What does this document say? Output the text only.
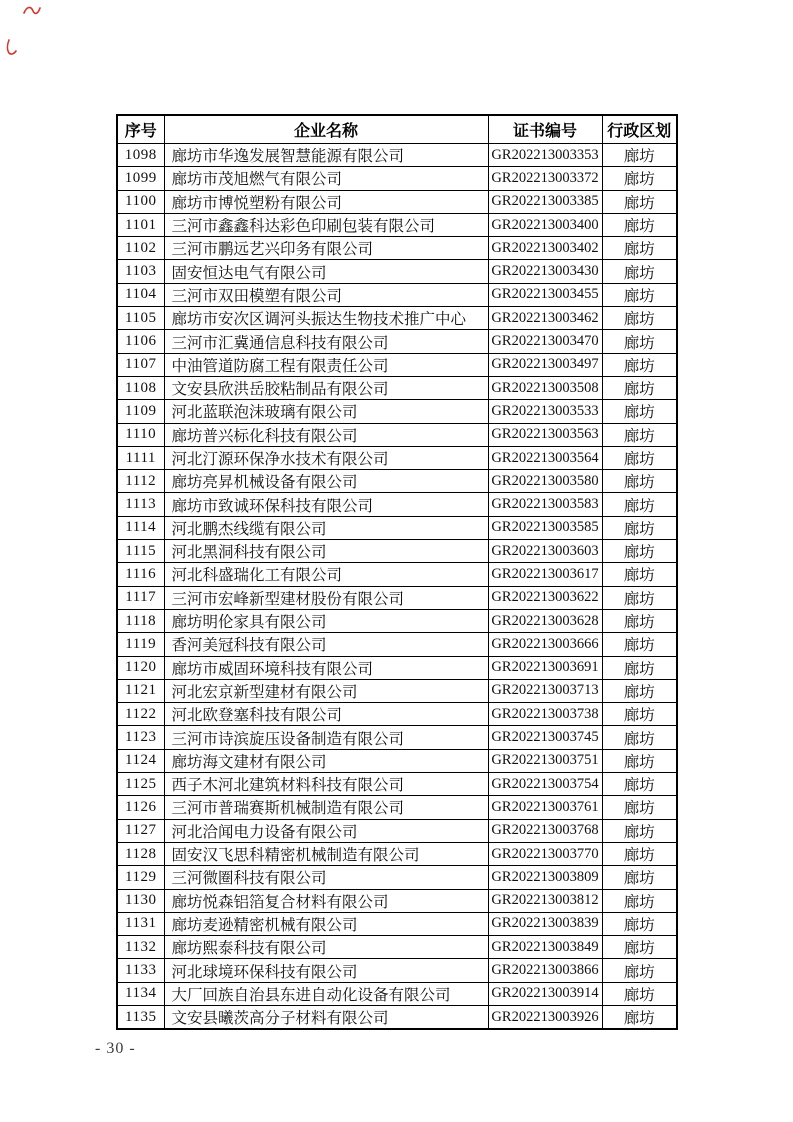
序号	企业名称	证书编号	行政区划
1098	廊坊市华逸发展智慧能源有限公司	GR202213003353	廊坊
1099	廊坊市茂旭燃气有限公司	GR202213003372	廊坊
1100	廊坊市博悦塑粉有限公司	GR202213003385	廊坊
1101	三河市鑫鑫科达彩色印刷包装有限公司	GR202213003400	廊坊
1102	三河市鹏远艺兴印务有限公司	GR202213003402	廊坊
1103	固安恒达电气有限公司	GR202213003430	廊坊
1104	三河市双田模塑有限公司	GR202213003455	廊坊
1105	廊坊市安次区调河头振达生物技术推广中心	GR202213003462	廊坊
1106	三河市汇冀通信息科技有限公司	GR202213003470	廊坊
1107	中油管道防腐工程有限责任公司	GR202213003497	廊坊
1108	文安县欣洪岳胶粘制品有限公司	GR202213003508	廊坊
1109	河北蓝联泡沫玻璃有限公司	GR202213003533	廊坊
1110	廊坊普兴标化科技有限公司	GR202213003563	廊坊
1111	河北汀源环保净水技术有限公司	GR202213003564	廊坊
1112	廊坊亮昇机械设备有限公司	GR202213003580	廊坊
1113	廊坊市致诚环保科技有限公司	GR202213003583	廊坊
1114	河北鹏杰线缆有限公司	GR202213003585	廊坊
1115	河北黑洞科技有限公司	GR202213003603	廊坊
1116	河北科盛瑞化工有限公司	GR202213003617	廊坊
1117	三河市宏峰新型建材股份有限公司	GR202213003622	廊坊
1118	廊坊明伦家具有限公司	GR202213003628	廊坊
1119	香河美冠科技有限公司	GR202213003666	廊坊
1120	廊坊市威固环境科技有限公司	GR202213003691	廊坊
1121	河北宏京新型建材有限公司	GR202213003713	廊坊
1122	河北欧登塞科技有限公司	GR202213003738	廊坊
1123	三河市诗滨旋压设备制造有限公司	GR202213003745	廊坊
1124	廊坊海文建材有限公司	GR202213003751	廊坊
1125	西子木河北建筑材料科技有限公司	GR202213003754	廊坊
1126	三河市普瑞赛斯机械制造有限公司	GR202213003761	廊坊
1127	河北洽闻电力设备有限公司	GR202213003768	廊坊
1128	固安汉飞思科精密机械制造有限公司	GR202213003770	廊坊
1129	三河微圈科技有限公司	GR202213003809	廊坊
1130	廊坊悦森铝箔复合材料有限公司	GR202213003812	廊坊
1131	廊坊麦逊精密机械有限公司	GR202213003839	廊坊
1132	廊坊熙泰科技有限公司	GR202213003849	廊坊
1133	河北球境环保科技有限公司	GR202213003866	廊坊
1134	大厂回族自治县东进自动化设备有限公司	GR202213003914	廊坊
1135	文安县曦茨高分子材料有限公司	GR202213003926	廊坊
- 30 -
